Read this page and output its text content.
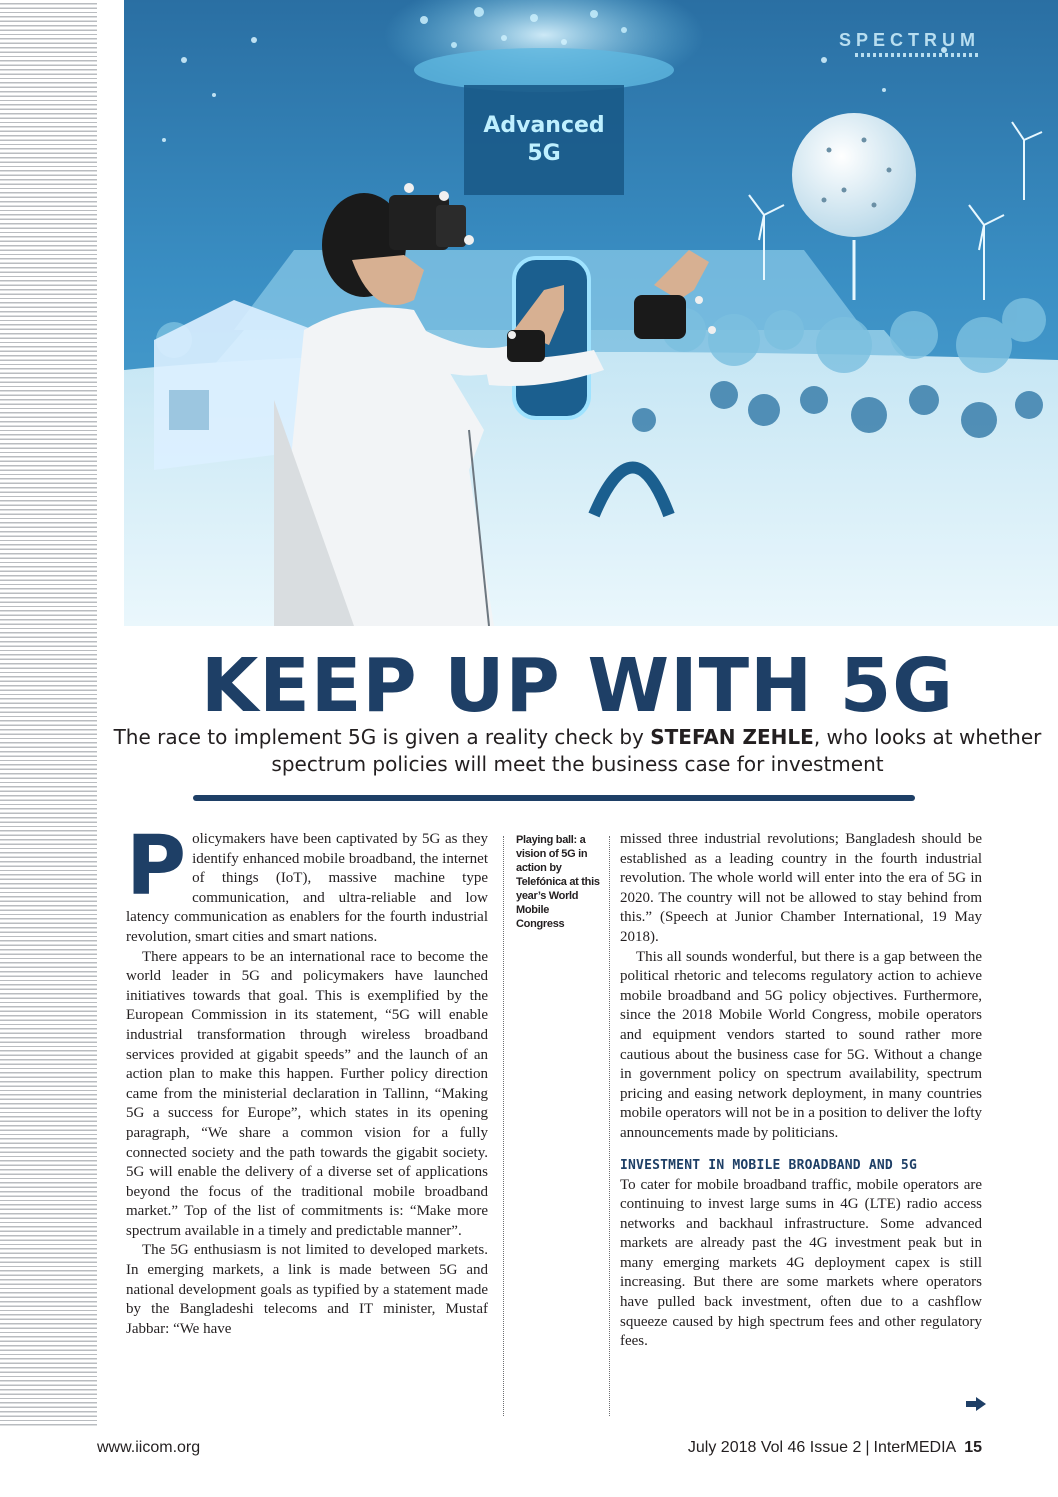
Advanced
5G
SPECTRUM
KEEP UP WITH 5G

The race to implement 5G is given a reality check by STEFAN ZEHLE, who looks at whether spectrum policies will meet the business case for investment

Policymakers have been captivated by 5G as they identify enhanced mobile broadband, the internet of things (IoT), massive machine type communication, and ultra-reliable and low latency communication as enablers for the fourth industrial revolution, smart cities and smart nations.

There appears to be an international race to become the world leader in 5G and policymakers have launched initiatives towards that goal. This is exemplified by the European Commission in its statement, “5G will enable industrial transformation through wireless broadband services provided at gigabit speeds” and the launch of an action plan to make this happen. Further policy direction came from the ministerial declaration in Tallinn, “Making 5G a success for Europe”, which states in its opening paragraph, “We share a common vision for a fully connected society and the path towards the gigabit society. 5G will enable the delivery of a diverse set of applications beyond the focus of the traditional mobile broadband market.” Top of the list of commitments is: “Make more spectrum available in a timely and predictable manner”.

The 5G enthusiasm is not limited to developed markets. In emerging markets, a link is made between 5G and national development goals as typified by a statement made by the Bangladeshi telecoms and IT minister, Mustaf Jabbar: “We have

Playing ball: a vision of 5G in action by Telefónica at this year’s World Mobile Congress

missed three industrial revolutions; Bangladesh should be established as a leading country in the fourth industrial revolution. The whole world will enter into the era of 5G in 2020. The country will not be allowed to stay behind from this.” (Speech at Junior Chamber International, 19 May 2018).

This all sounds wonderful, but there is a gap between the political rhetoric and telecoms regulatory action to achieve mobile broadband and 5G policy objectives. Furthermore, since the 2018 Mobile World Congress, mobile operators and equipment vendors started to sound rather more cautious about the business case for 5G. Without a change in government policy on spectrum availability, spectrum pricing and easing network deployment, in many countries mobile operators will not be in a position to deliver the lofty announcements made by politicians.

INVESTMENT IN MOBILE BROADBAND AND 5G

To cater for mobile broadband traffic, mobile operators are continuing to invest large sums in 4G (LTE) radio access networks and backhaul infrastructure. Some advanced markets are already past the 4G investment peak but in many emerging markets 4G deployment capex is still increasing. But there are some markets where operators have pulled back investment, often due to a cashflow squeeze caused by high spectrum fees and other regulatory fees.

www.iicom.org	July 2018 Vol 46 Issue 2 | InterMEDIA 15
